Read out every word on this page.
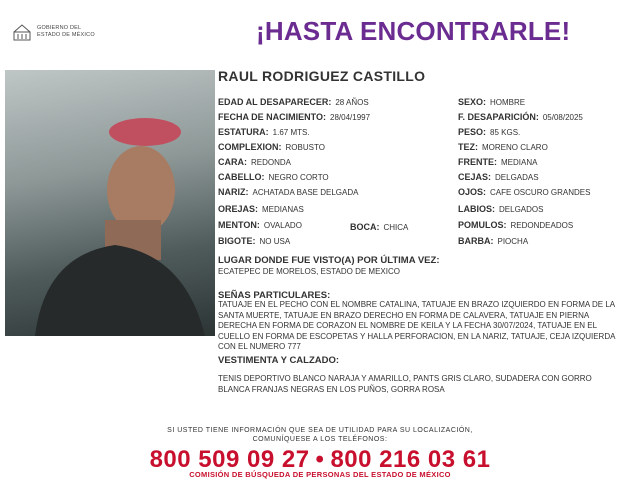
GOBIERNO DEL
ESTADO DE MÉXICO	¡HASTA ENCONTRARLE!
RAUL RODRIGUEZ CASTILLO
EDAD AL DESAPARECER: 28 AÑOS
FECHA DE NACIMIENTO: 28/04/1997
ESTATURA: 1.67 MTS.
COMPLEXION: ROBUSTO
CARA: REDONDA
CABELLO: NEGRO CORTO
NARIZ: ACHATADA BASE DELGADA
OREJAS: MEDIANAS
MENTON: OVALADO	BOCA: CHICA
BIGOTE: NO USA
SEXO: HOMBRE
F. DESAPARICIÓN: 05/08/2025
PESO: 85 KGS.
TEZ: MORENO CLARO
FRENTE: MEDIANA
CEJAS: DELGADAS
OJOS: CAFE OSCURO GRANDES
LABIOS: DELGADOS
POMULOS: REDONDEADOS
BARBA: PIOCHA
LUGAR DONDE FUE VISTO(A) POR ÚLTIMA VEZ:
ECATEPEC DE MORELOS, ESTADO DE MEXICO
SEÑAS PARTICULARES:
TATUAJE EN EL PECHO CON EL NOMBRE CATALINA, TATUAJE EN BRAZO IZQUIERDO EN FORMA DE LA SANTA MUERTE, TATUAJE EN BRAZO DERECHO EN FORMA DE CALAVERA, TATUAJE EN PIERNA DERECHA EN FORMA DE CORAZON EL NOMBRE DE KEILA Y LA FECHA 30/07/2024, TATUAJE EN EL CUELLO EN FORMA DE ESCOPETAS Y HALLA PERFORACION, EN LA NARIZ, TATUAJE, CEJA IZQUIERDA CON EL NUMERO 777
VESTIMENTA Y CALZADO:
TENIS DEPORTIVO BLANCO NARAJA Y AMARILLO, PANTS GRIS CLARO, SUDADERA CON GORRO BLANCA FRANJAS NEGRAS EN LOS PUÑOS, GORRA ROSA
SI USTED TIENE INFORMACIÓN QUE SEA DE UTILIDAD PARA SU LOCALIZACIÓN,
COMUNÍQUESE A LOS TELÉFONOS:
800 509 09 27 • 800 216 03 61
COMISIÓN DE BÚSQUEDA DE PERSONAS DEL ESTADO DE MÉXICO
